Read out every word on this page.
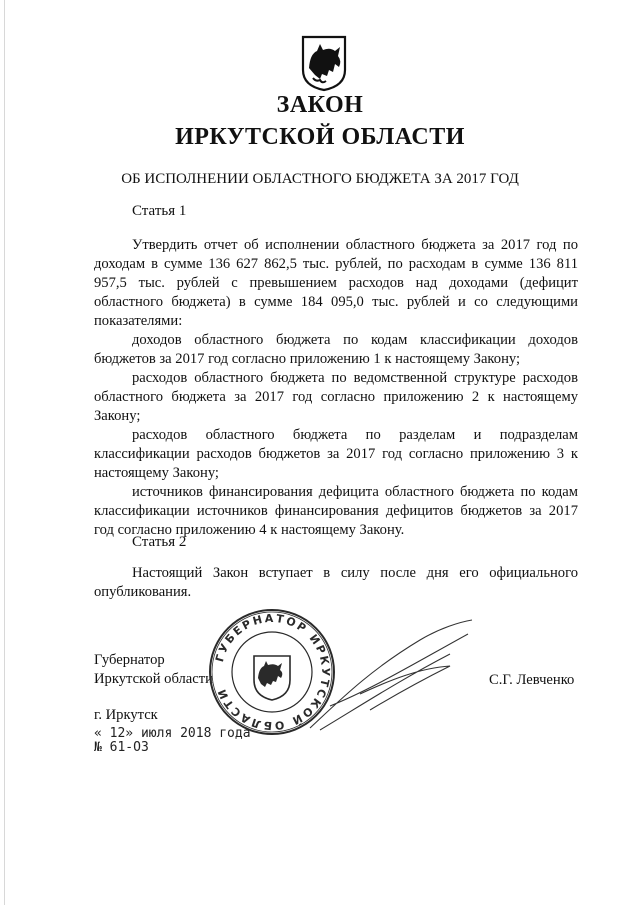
ЗАКОН
ИРКУТСКОЙ ОБЛАСТИ
ОБ ИСПОЛНЕНИИ ОБЛАСТНОГО БЮДЖЕТА ЗА 2017 ГОД
Статья 1
Утвердить отчет об исполнении областного бюджета за 2017 год по доходам в сумме 136 627 862,5 тыс. рублей, по расходам в сумме 136 811 957,5 тыс. рублей с превышением расходов над доходами (дефицит областного бюджета) в сумме 184 095,0 тыс. рублей и со следующими показателями:
доходов областного бюджета по кодам классификации доходов бюджетов за 2017 год согласно приложению 1 к настоящему Закону;
расходов областного бюджета по ведомственной структуре расходов областного бюджета за 2017 год согласно приложению 2 к настоящему Закону;
расходов областного бюджета по разделам и подразделам классификации расходов бюджетов за 2017 год согласно приложению 3 к настоящему Закону;
источников финансирования дефицита областного бюджета по кодам классификации источников финансирования дефицитов бюджетов за 2017 год согласно приложению 4 к настоящему Закону.
Статья 2
Настоящий Закон вступает в силу после дня его официального опубликования.
Губернатор
Иркутской области	С.Г. Левченко
г. Иркутск
« 12» июля 2018 года
№ 61-ОЗ
ГУБЕРНАТОР ИРКУТСКОЙ ОБЛАСТИ
